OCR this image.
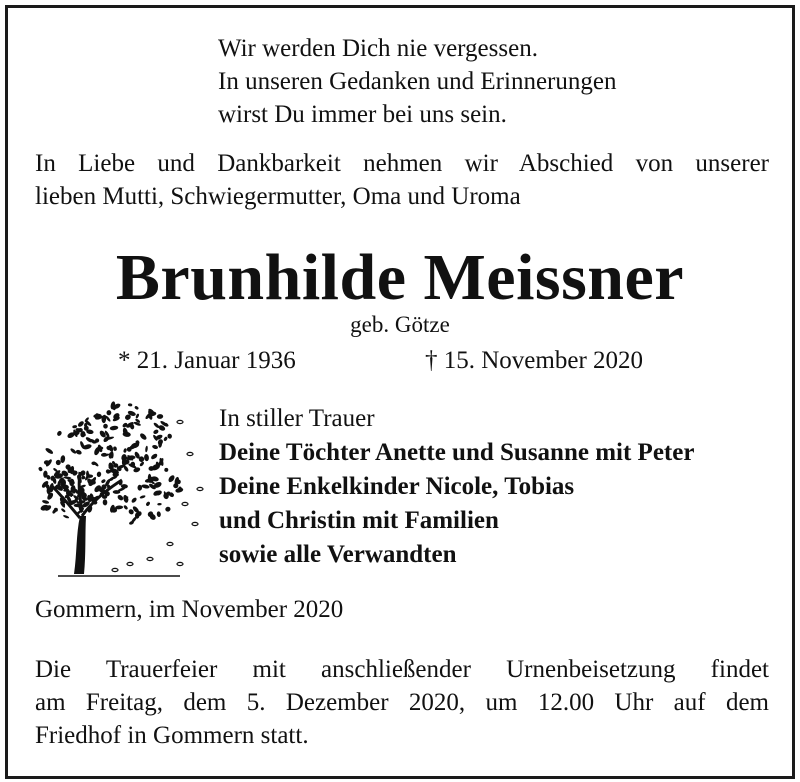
Wir werden Dich nie vergessen.
In unseren Gedanken und Erinnerungen
wirst Du immer bei uns sein.
In Liebe und Dankbarkeit nehmen wir Abschied von unserer
lieben Mutti, Schwiegermutter, Oma und Uroma
Brunhilde Meissner
geb. Götze
* 21. Januar 1936	† 15. November 2020
In stiller Trauer
Deine Töchter Anette und Susanne mit Peter
Deine Enkelkinder Nicole, Tobias
und Christin mit Familien
sowie alle Verwandten
Gommern, im November 2020
Die Trauerfeier mit anschließender Urnenbeisetzung findet
am Freitag, dem 5. Dezember 2020, um 12.00 Uhr auf dem
Friedhof in Gommern statt.
